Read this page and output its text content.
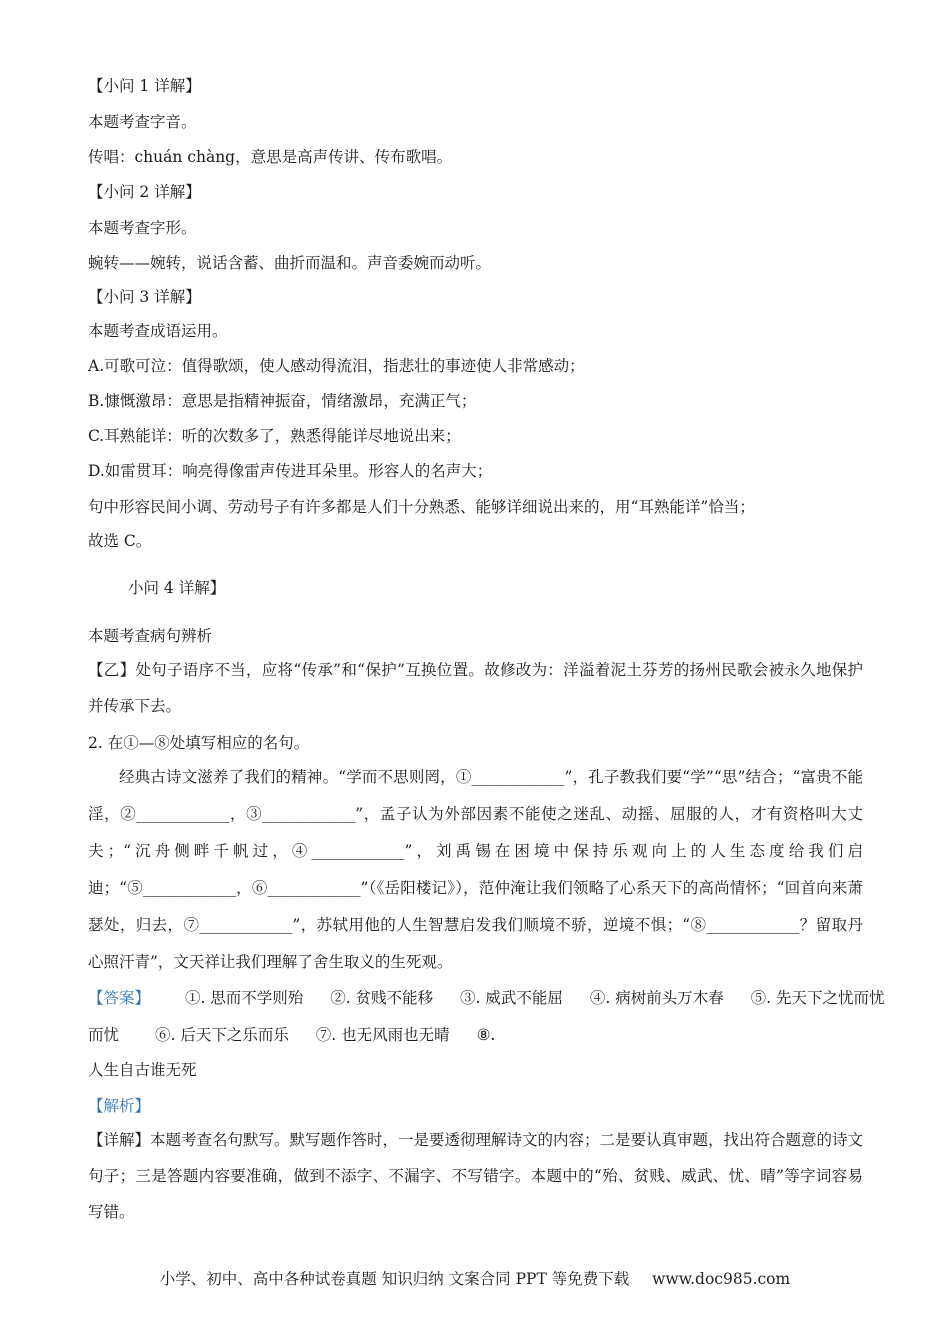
【小问 1 详解】
本题考查字音。
传唱：chuán chàng，意思是高声传讲、传布歌唱。
【小问 2 详解】
本题考查字形。
蜿转——婉转，说话含蓄、曲折而温和。声音委婉而动听。
【小问 3 详解】
本题考查成语运用。
A.可歌可泣：值得歌颂，使人感动得流泪，指悲壮的事迹使人非常感动；
B.慷慨激昂：意思是指精神振奋，情绪激昂，充满正气；
C.耳熟能详：听的次数多了，熟悉得能详尽地说出来；
D.如雷贯耳：响亮得像雷声传进耳朵里。形容人的名声大；
句中形容民间小调、劳动号子有许多都是人们十分熟悉、能够详细说出来的，用“耳熟能详”恰当；
故选 C。
小问 4 详解】
本题考查病句辨析
【乙】处句子语序不当，应将“传承”和“保护”互换位置。故修改为：洋溢着泥土芬芳的扬州民歌会被永久地保护并传承下去。
2. 在①—⑧处填写相应的名句。
经典古诗文滋养了我们的精神。“学而不思则罔，①____________”，孔子教我们要“学”“思”结合；“富贵不能淫，②____________，③____________”，孟子认为外部因素不能使之迷乱、动摇、屈服的人，才有资格叫大丈夫；“沉舟侧畔千帆过，④____________”，刘禹锡在困境中保持乐观向上的人生态度给我们启迪；“⑤____________，⑥____________”（《岳阳楼记》），范仲淹让我们领略了心系天下的高尚情怀；“回首向来萧瑟处，归去，⑦____________”，苏轼用他的人生智慧启发我们顺境不骄，逆境不惧；“⑧____________？留取丹心照汗青”，文天祥让我们理解了舍生取义的生死观。
【答案】 ①. 思而不学则殆 ②. 贫贱不能移 ③. 威武不能屈 ④. 病树前头万木春 ⑤. 先天下之忧而忧
而忧 ⑥. 后天下之乐而乐 ⑦. 也无风雨也无晴 ⑧.
人生自古谁无死
【解析】
【详解】本题考查名句默写。默写题作答时，一是要透彻理解诗文的内容；二是要认真审题，找出符合题意的诗文句子；三是答题内容要准确，做到不添字、不漏字、不写错字。本题中的“殆、贫贱、威武、忧、晴”等字词容易写错。
小学、初中、高中各种试卷真题 知识归纳 文案合同 PPT 等免费下载 www.doc985.com
